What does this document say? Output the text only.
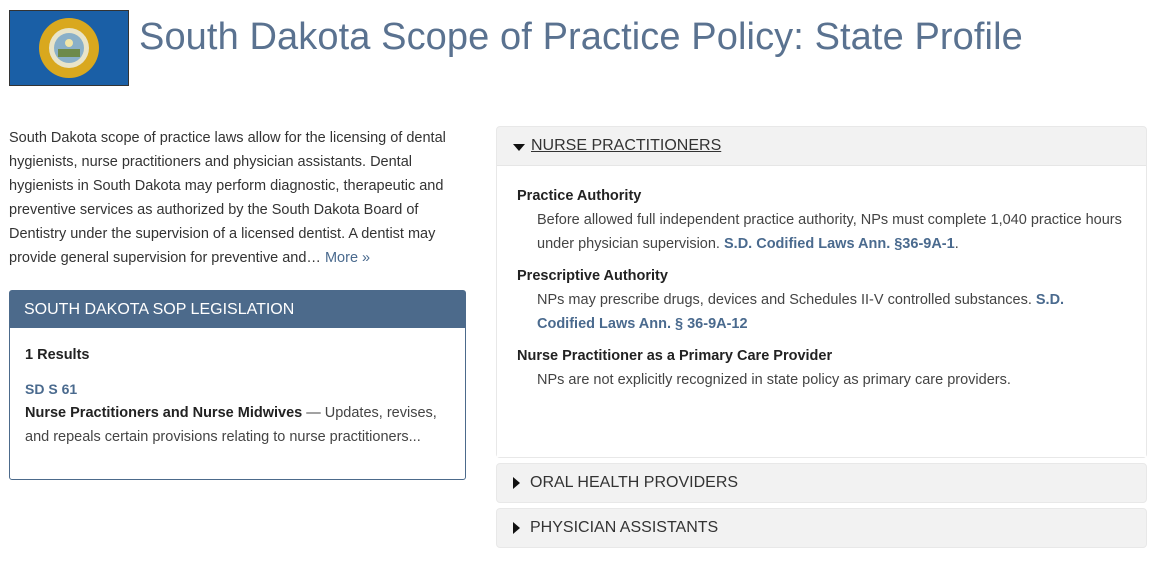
South Dakota Scope of Practice Policy: State Profile
South Dakota scope of practice laws allow for the licensing of dental hygienists, nurse practitioners and physician assistants. Dental hygienists in South Dakota may perform diagnostic, therapeutic and preventive services as authorized by the South Dakota Board of Dentistry under the supervision of a licensed dentist. A dentist may provide general supervision for preventive and… More »
SOUTH DAKOTA SOP LEGISLATION
1 Results
SD S 61
Nurse Practitioners and Nurse Midwives — Updates, revises, and repeals certain provisions relating to nurse practitioners...
NURSE PRACTITIONERS
Practice Authority
Before allowed full independent practice authority, NPs must complete 1,040 practice hours under physician supervision. S.D. Codified Laws Ann. §36-9A-1.
Prescriptive Authority
NPs may prescribe drugs, devices and Schedules II-V controlled substances. S.D. Codified Laws Ann. § 36-9A-12
Nurse Practitioner as a Primary Care Provider
NPs are not explicitly recognized in state policy as primary care providers.
ORAL HEALTH PROVIDERS
PHYSICIAN ASSISTANTS
